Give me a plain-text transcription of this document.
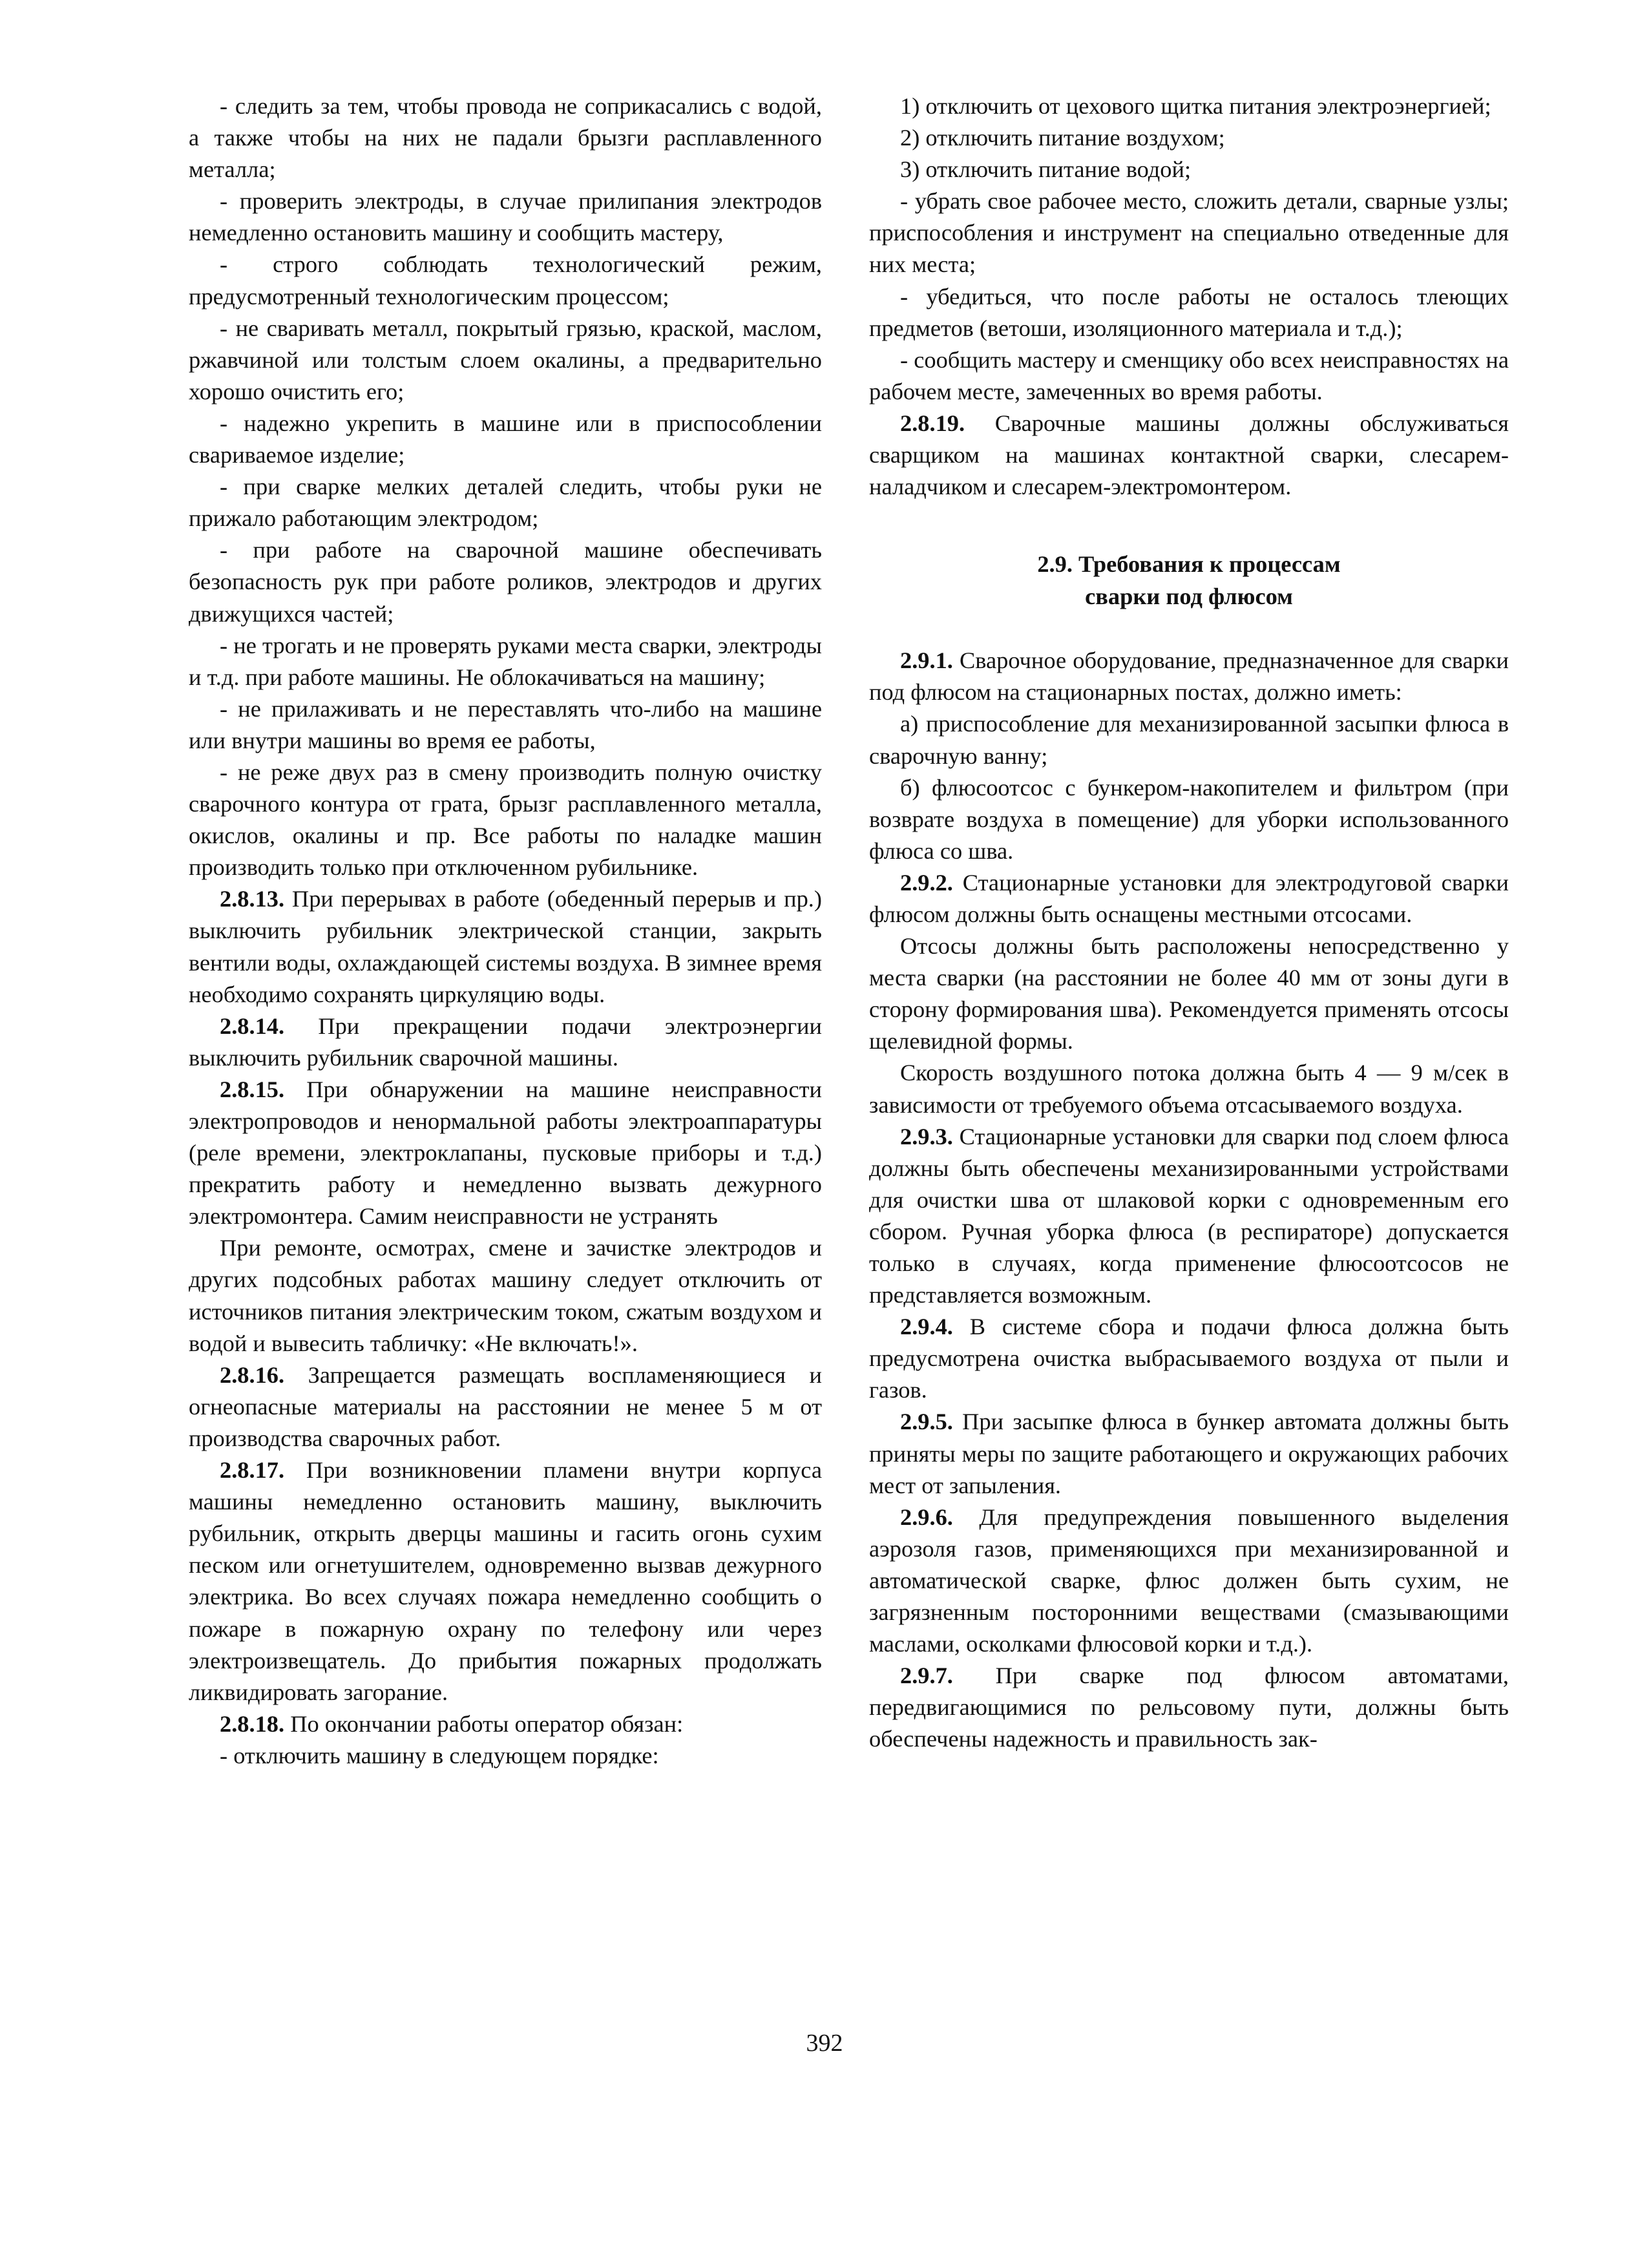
- следить за тем, чтобы провода не соприкасались с водой, а также чтобы на них не падали брызги расплавленного металла;

- проверить электроды, в случае прилипания электродов немедленно остановить машину и сообщить мастеру,

- строго соблюдать технологический режим, предусмотренный технологическим процессом;

- не сваривать металл, покрытый грязью, краской, маслом, ржавчиной или толстым слоем окалины, а предварительно хорошо очистить его;

- надежно укрепить в машине или в приспособлении свариваемое изделие;

- при сварке мелких деталей следить, чтобы руки не прижало работающим электродом;

- при работе на сварочной машине обеспечивать безопасность рук при работе роликов, электродов и других движущихся частей;

- не трогать и не проверять руками места сварки, электроды и т.д. при работе машины. Не облокачиваться на машину;

- не прилаживать и не переставлять что-либо на машине или внутри машины во время ее работы,

- не реже двух раз в смену производить полную очистку сварочного контура от грата, брызг расплавленного металла, окислов, окалины и пр. Все работы по наладке машин производить только при отключенном рубильнике.

2.8.13. При перерывах в работе (обеденный перерыв и пр.) выключить рубильник электрической станции, закрыть вентили воды, охлаждающей системы воздуха. В зимнее время необходимо сохранять циркуляцию воды.

2.8.14. При прекращении подачи электроэнергии выключить рубильник сварочной машины.

2.8.15. При обнаружении на машине неисправности электропроводов и ненормальной работы электроаппаратуры (реле времени, электроклапаны, пусковые приборы и т.д.) прекратить работу и немедленно вызвать дежурного электромонтера. Самим неисправности не устранять

При ремонте, осмотрах, смене и зачистке электродов и других подсобных работах машину следует отключить от источников питания электрическим током, сжатым воздухом и водой и вывесить табличку: «Не включать!».

2.8.16. Запрещается размещать воспламеняющиеся и огнеопасные материалы на расстоянии не менее 5 м от производства сварочных работ.

2.8.17. При возникновении пламени внутри корпуса машины немедленно остановить машину, выключить рубильник, открыть дверцы машины и гасить огонь сухим песком или огнетушителем, одновременно вызвав дежурного электрика. Во всех случаях пожара немедленно сообщить о пожаре в пожарную охрану по телефону или через электроизвещатель. До прибытия пожарных продолжать ликвидировать загорание.

2.8.18. По окончании работы оператор обязан:

- отключить машину в следующем порядке:

1) отключить от цехового щитка питания электроэнергией;

2) отключить питание воздухом;

3) отключить питание водой;

- убрать свое рабочее место, сложить детали, сварные узлы; приспособления и инструмент на специально отведенные для них места;

- убедиться, что после работы не осталось тлеющих предметов (ветоши, изоляционного материала и т.д.);

- сообщить мастеру и сменщику обо всех неисправностях на рабочем месте, замеченных во время работы.

2.8.19. Сварочные машины должны обслуживаться сварщиком на машинах контактной сварки, слесарем-наладчиком и слесарем-электромонтером.

2.9. Требования к процессам
сварки под флюсом

2.9.1. Сварочное оборудование, предназначенное для сварки под флюсом на стационарных постах, должно иметь:

а) приспособление для механизированной засыпки флюса в сварочную ванну;

б) флюсоотсос с бункером-накопителем и фильтром (при возврате воздуха в помещение) для уборки использованного флюса со шва.

2.9.2. Стационарные установки для электродуговой сварки флюсом должны быть оснащены местными отсосами.

Отсосы должны быть расположены непосредственно у места сварки (на расстоянии не более 40 мм от зоны дуги в сторону формирования шва). Рекомендуется применять отсосы щелевидной формы.

Скорость воздушного потока должна быть 4 — 9 м/сек в зависимости от требуемого объема отсасываемого воздуха.

2.9.3. Стационарные установки для сварки под слоем флюса должны быть обеспечены механизированными устройствами для очистки шва от шлаковой корки с одновременным его сбором. Ручная уборка флюса (в респираторе) допускается только в случаях, когда применение флюсоотсосов не представляется возможным.

2.9.4. В системе сбора и подачи флюса должна быть предусмотрена очистка выбрасываемого воздуха от пыли и газов.

2.9.5. При засыпке флюса в бункер автомата должны быть приняты меры по защите работающего и окружающих рабочих мест от запыления.

2.9.6. Для предупреждения повышенного выделения аэрозоля газов, применяющихся при механизированной и автоматической сварке, флюс должен быть сухим, не загрязненным посторонними веществами (смазывающими маслами, осколками флюсовой корки и т.д.).

2.9.7. При сварке под флюсом автоматами, передвигающимися по рельсовому пути, должны быть обеспечены надежность и правильность зак-

392
